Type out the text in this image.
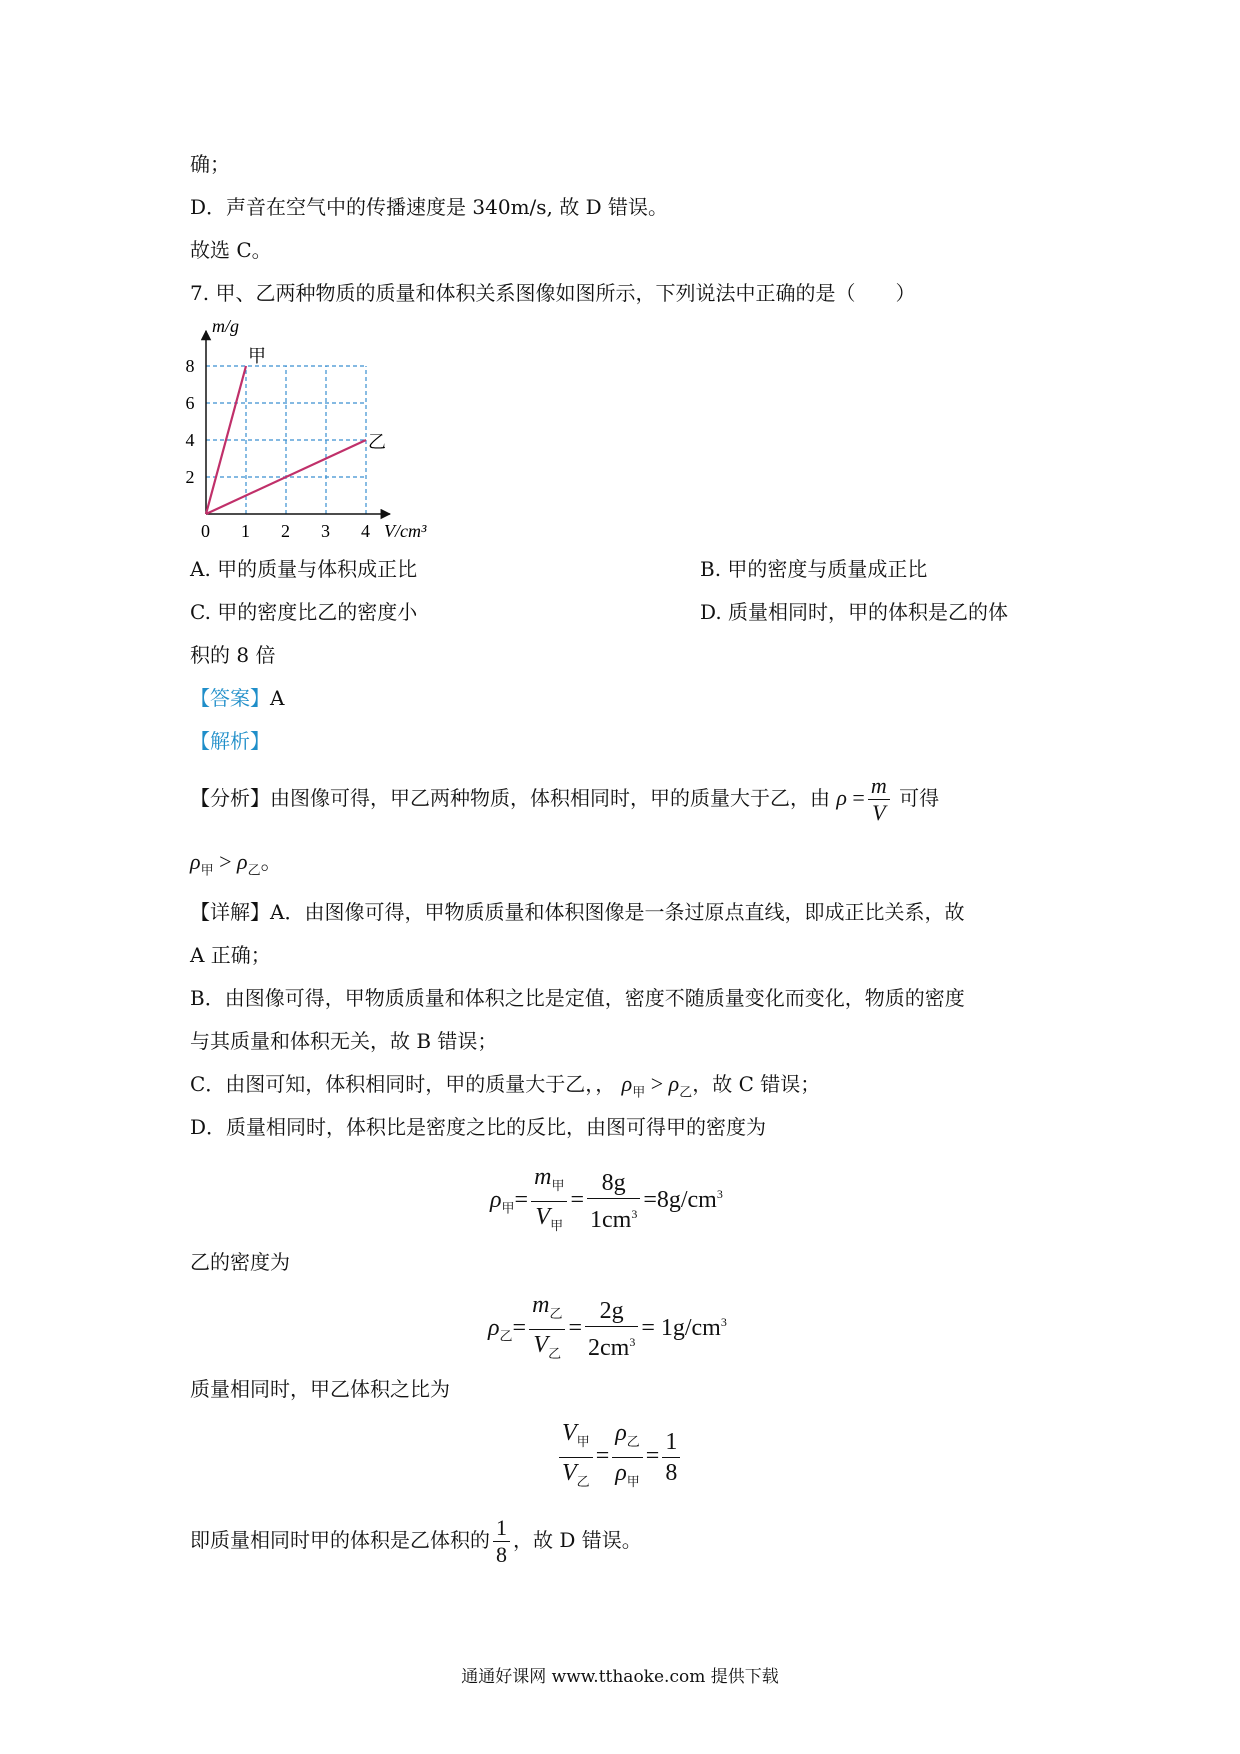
确；
D．声音在空气中的传播速度是 340m/s, 故 D 错误。
故选 C。
7. 甲、乙两种物质的质量和体积关系图像如图所示，下列说法中正确的是（　　）
甲
乙
0 1 2 3 4
2
4
6
8
V/cm³
m/g
A. 甲的质量与体积成正比	B. 甲的密度与质量成正比
C. 甲的密度比乙的密度小	D. 质量相同时，甲的体积是乙的体
积的 8 倍
【答案】A
【解析】
【分析】由图像可得，甲乙两种物质，体积相同时，甲的质量大于乙，由 $\rho = \frac{m}{V}$ 可得
$\rho_甲 > \rho_乙$。
【详解】A．由图像可得，甲物质质量和体积图像是一条过原点直线，即成正比关系，故
A 正确；
B．由图像可得，甲物质质量和体积之比是定值，密度不随质量变化而变化，物质的密度
与其质量和体积无关，故 B 错误；
C．由图可知，体积相同时，甲的质量大于乙，， $\rho_甲 > \rho_乙$，故 C 错误；
D．质量相同时，体积比是密度之比的反比，由图可得甲的密度为
$\rho_甲= \frac{m_甲}{V_甲} = \frac{8g}{1cm^3} =8g/cm^3$
乙的密度为
$\rho_乙= \frac{m_乙}{V_乙} = \frac{2g}{2cm^3} = 1g/cm^3$
质量相同时，甲乙体积之比为
$\frac{V_甲}{V_乙} = \frac{\rho_乙}{\rho_甲} = \frac{1}{8}$
即质量相同时甲的体积是乙体积的 $\frac{1}{8}$ ，故 D 错误。
通通好课网 www.tthaoke.com 提供下载
